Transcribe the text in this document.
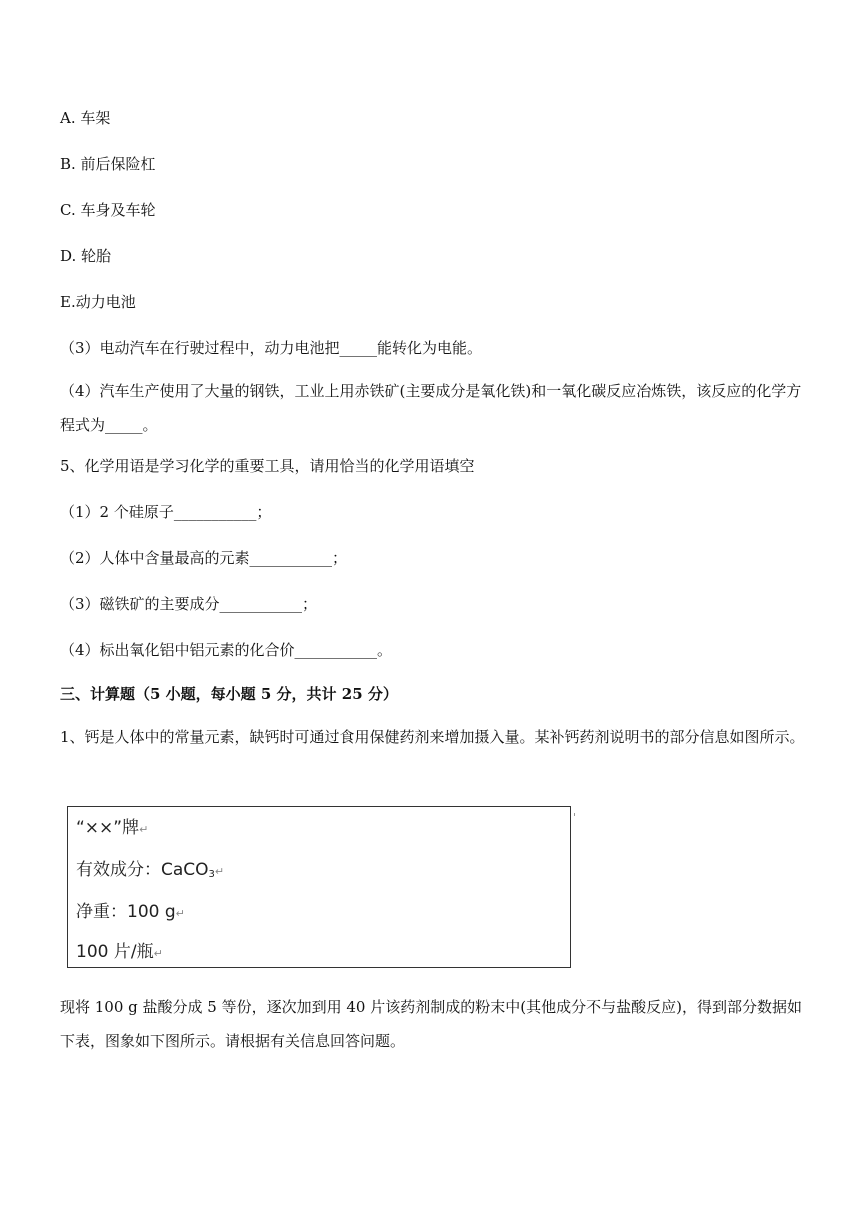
A. 车架
B. 前后保险杠
C. 车身及车轮
D. 轮胎
E.动力电池
（3）电动汽车在行驶过程中，动力电池把_____能转化为电能。
（4）汽车生产使用了大量的钢铁，工业上用赤铁矿(主要成分是氧化铁)和一氧化碳反应冶炼铁，该反应的化学方程式为_____。
5、化学用语是学习化学的重要工具，请用恰当的化学用语填空
（1）2 个硅原子___________；
（2）人体中含量最高的元素___________；
（3）磁铁矿的主要成分___________；
（4）标出氧化铝中铝元素的化合价___________。
三、计算题（5 小题，每小题 5 分，共计 25 分）
1、钙是人体中的常量元素，缺钙时可通过食用保健药剂来增加摄入量。某补钙药剂说明书的部分信息如图所示。
“××”牌↵
有效成分：CaCO$_3$↵
净重：100 g↵
100 片/瓶↵
'
现将 100 g 盐酸分成 5 等份，逐次加到用 40 片该药剂制成的粉末中(其他成分不与盐酸反应)，得到部分数据如下表，图象如下图所示。请根据有关信息回答问题。
